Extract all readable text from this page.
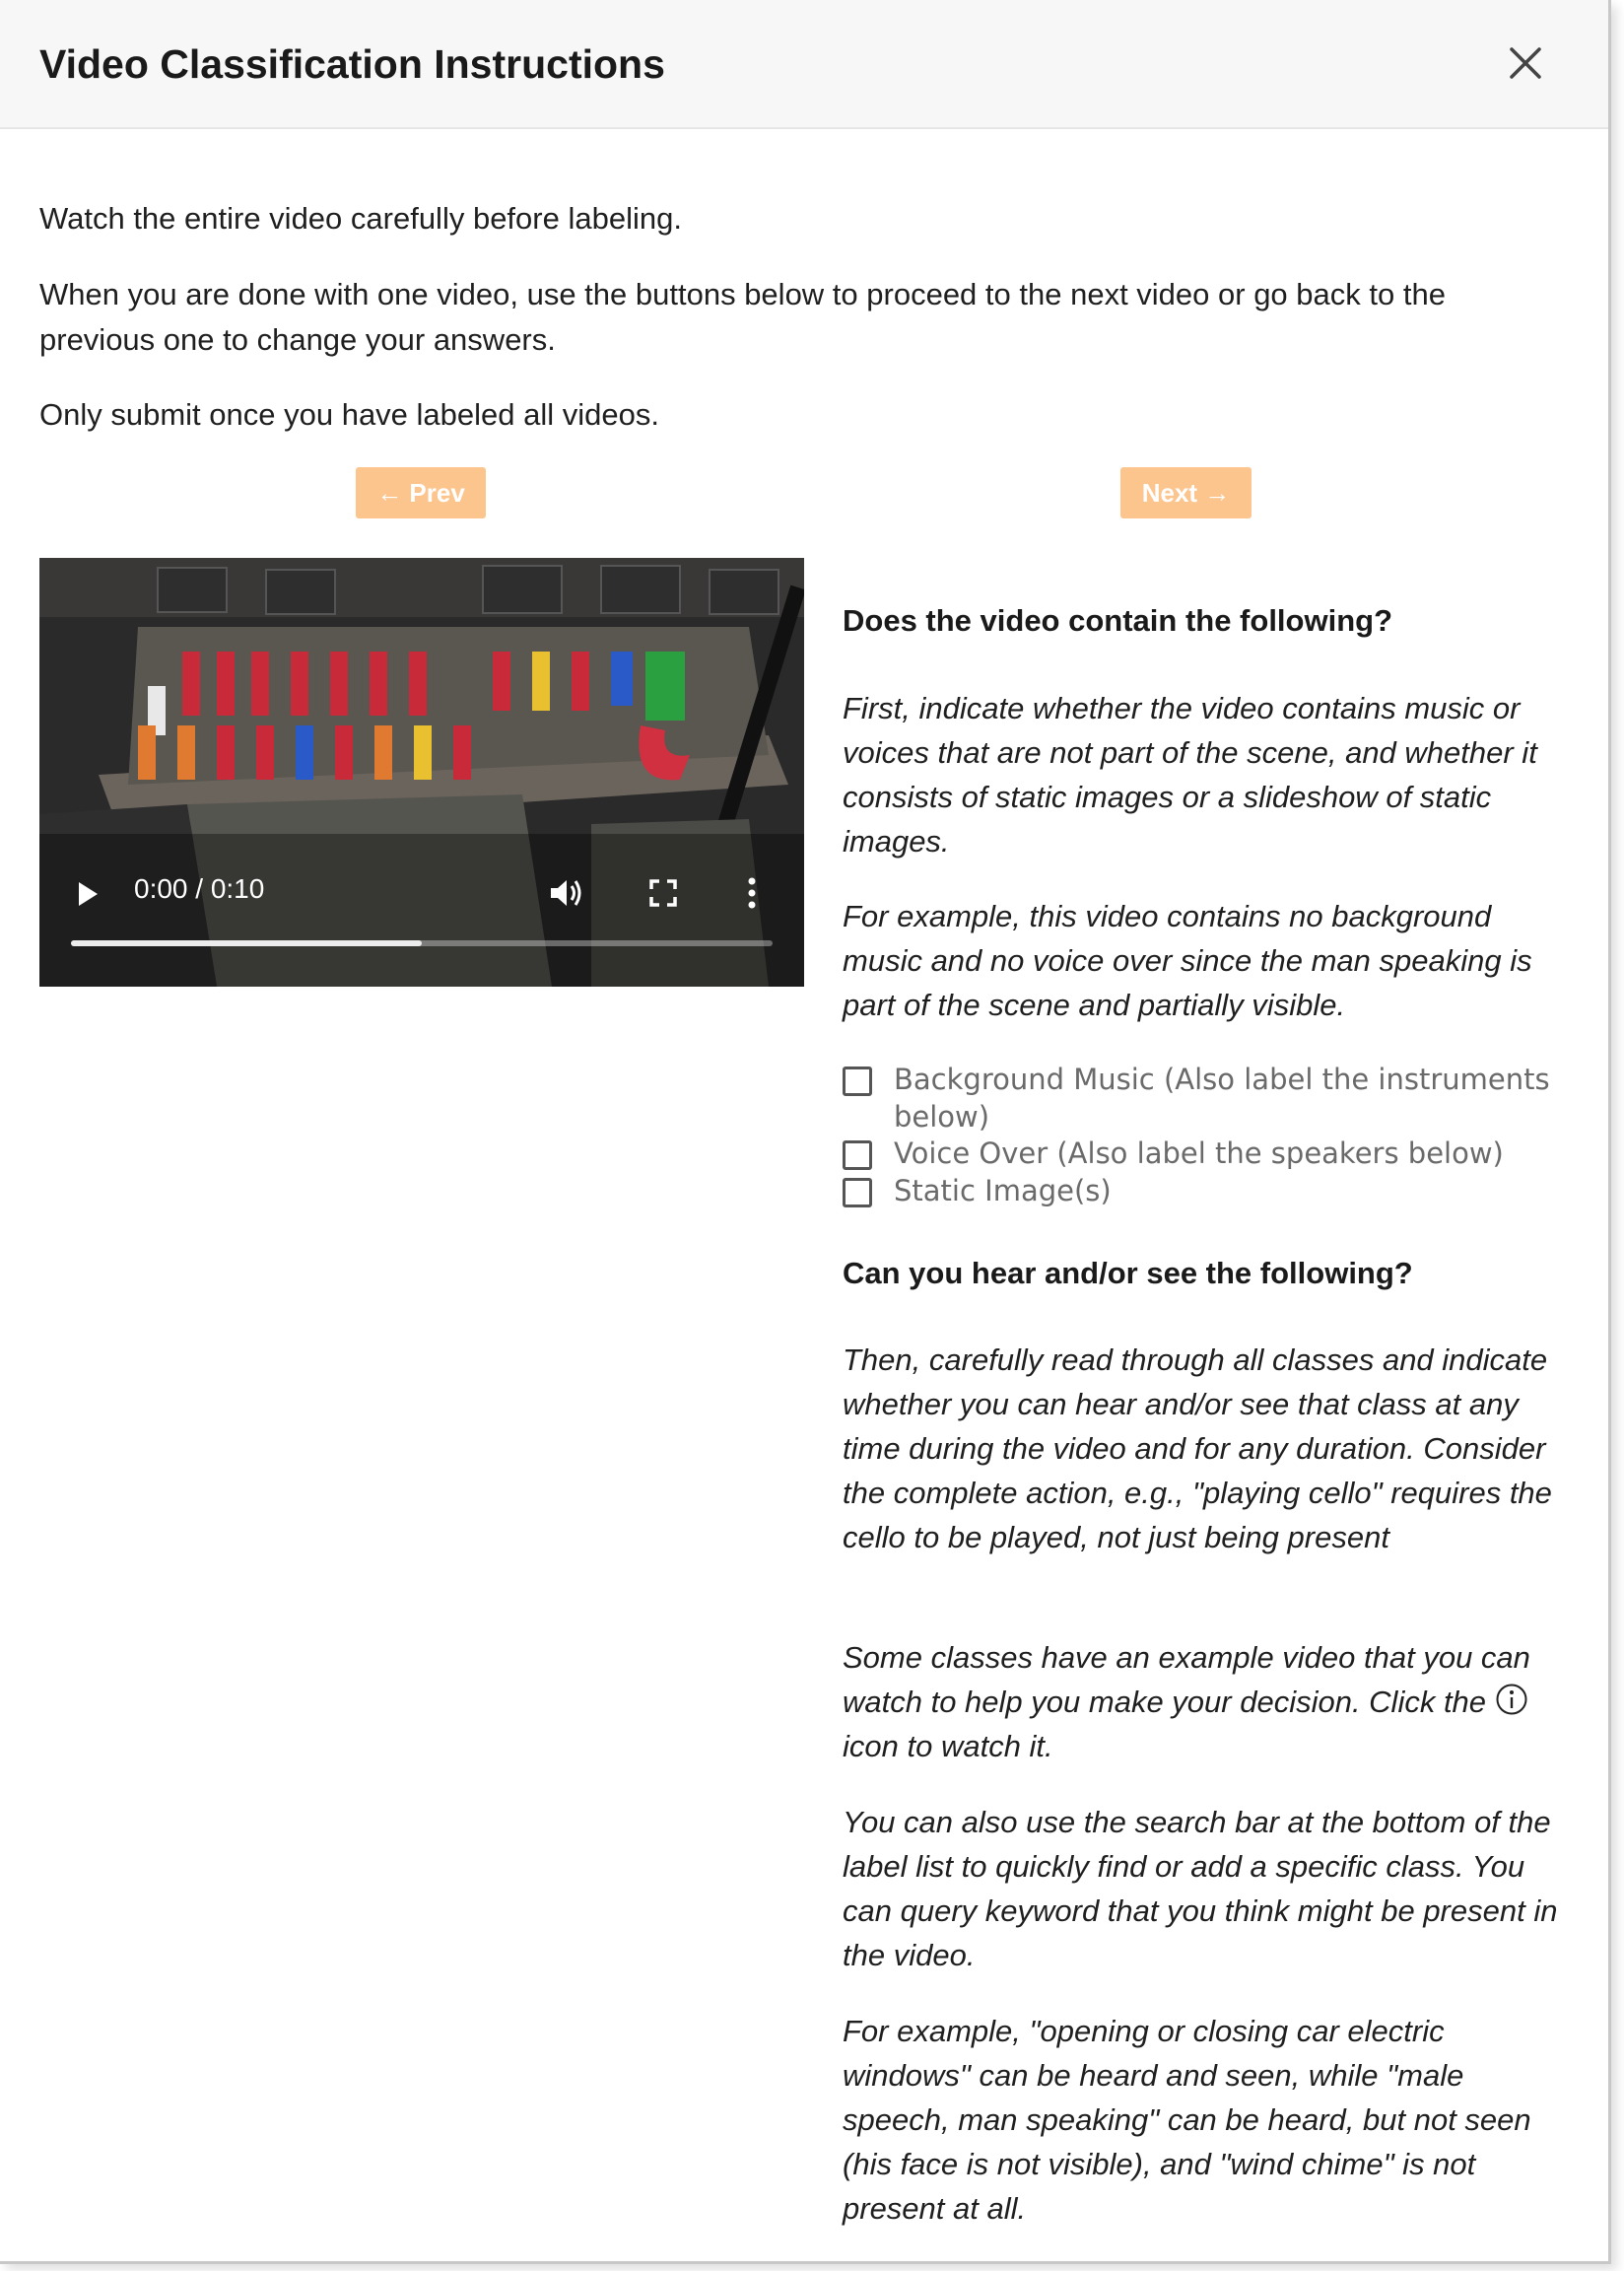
Video Classification Instructions

Watch the entire video carefully before labeling.

When you are done with one video, use the buttons below to proceed to the next video or go back to the previous one to change your answers.

Only submit once you have labeled all videos.

← Prev	Next →
0:00 / 0:10
Does the video contain the following?

First, indicate whether the video contains music or voices that are not part of the scene, and whether it consists of static images or a slideshow of static images.

For example, this video contains no background music and no voice over since the man speaking is part of the scene and partially visible.

Background Music (Also label the instruments below)
Voice Over (Also label the speakers below)
Static Image(s)
Can you hear and/or see the following?

Then, carefully read through all classes and indicate whether you can hear and/or see that class at any time during the video and for any duration. Consider the complete action, e.g., "playing cello" requires the cello to be played, not just being present

Some classes have an example video that you can watch to help you make your decision. Click the  icon to watch it.

You can also use the search bar at the bottom of the label list to quickly find or add a specific class. You can query keyword that you think might be present in the video.

For example, "opening or closing car electric windows" can be heard and seen, while "male speech, man speaking" can be heard, but not seen (his face is not visible), and "wind chime" is not present at all.
